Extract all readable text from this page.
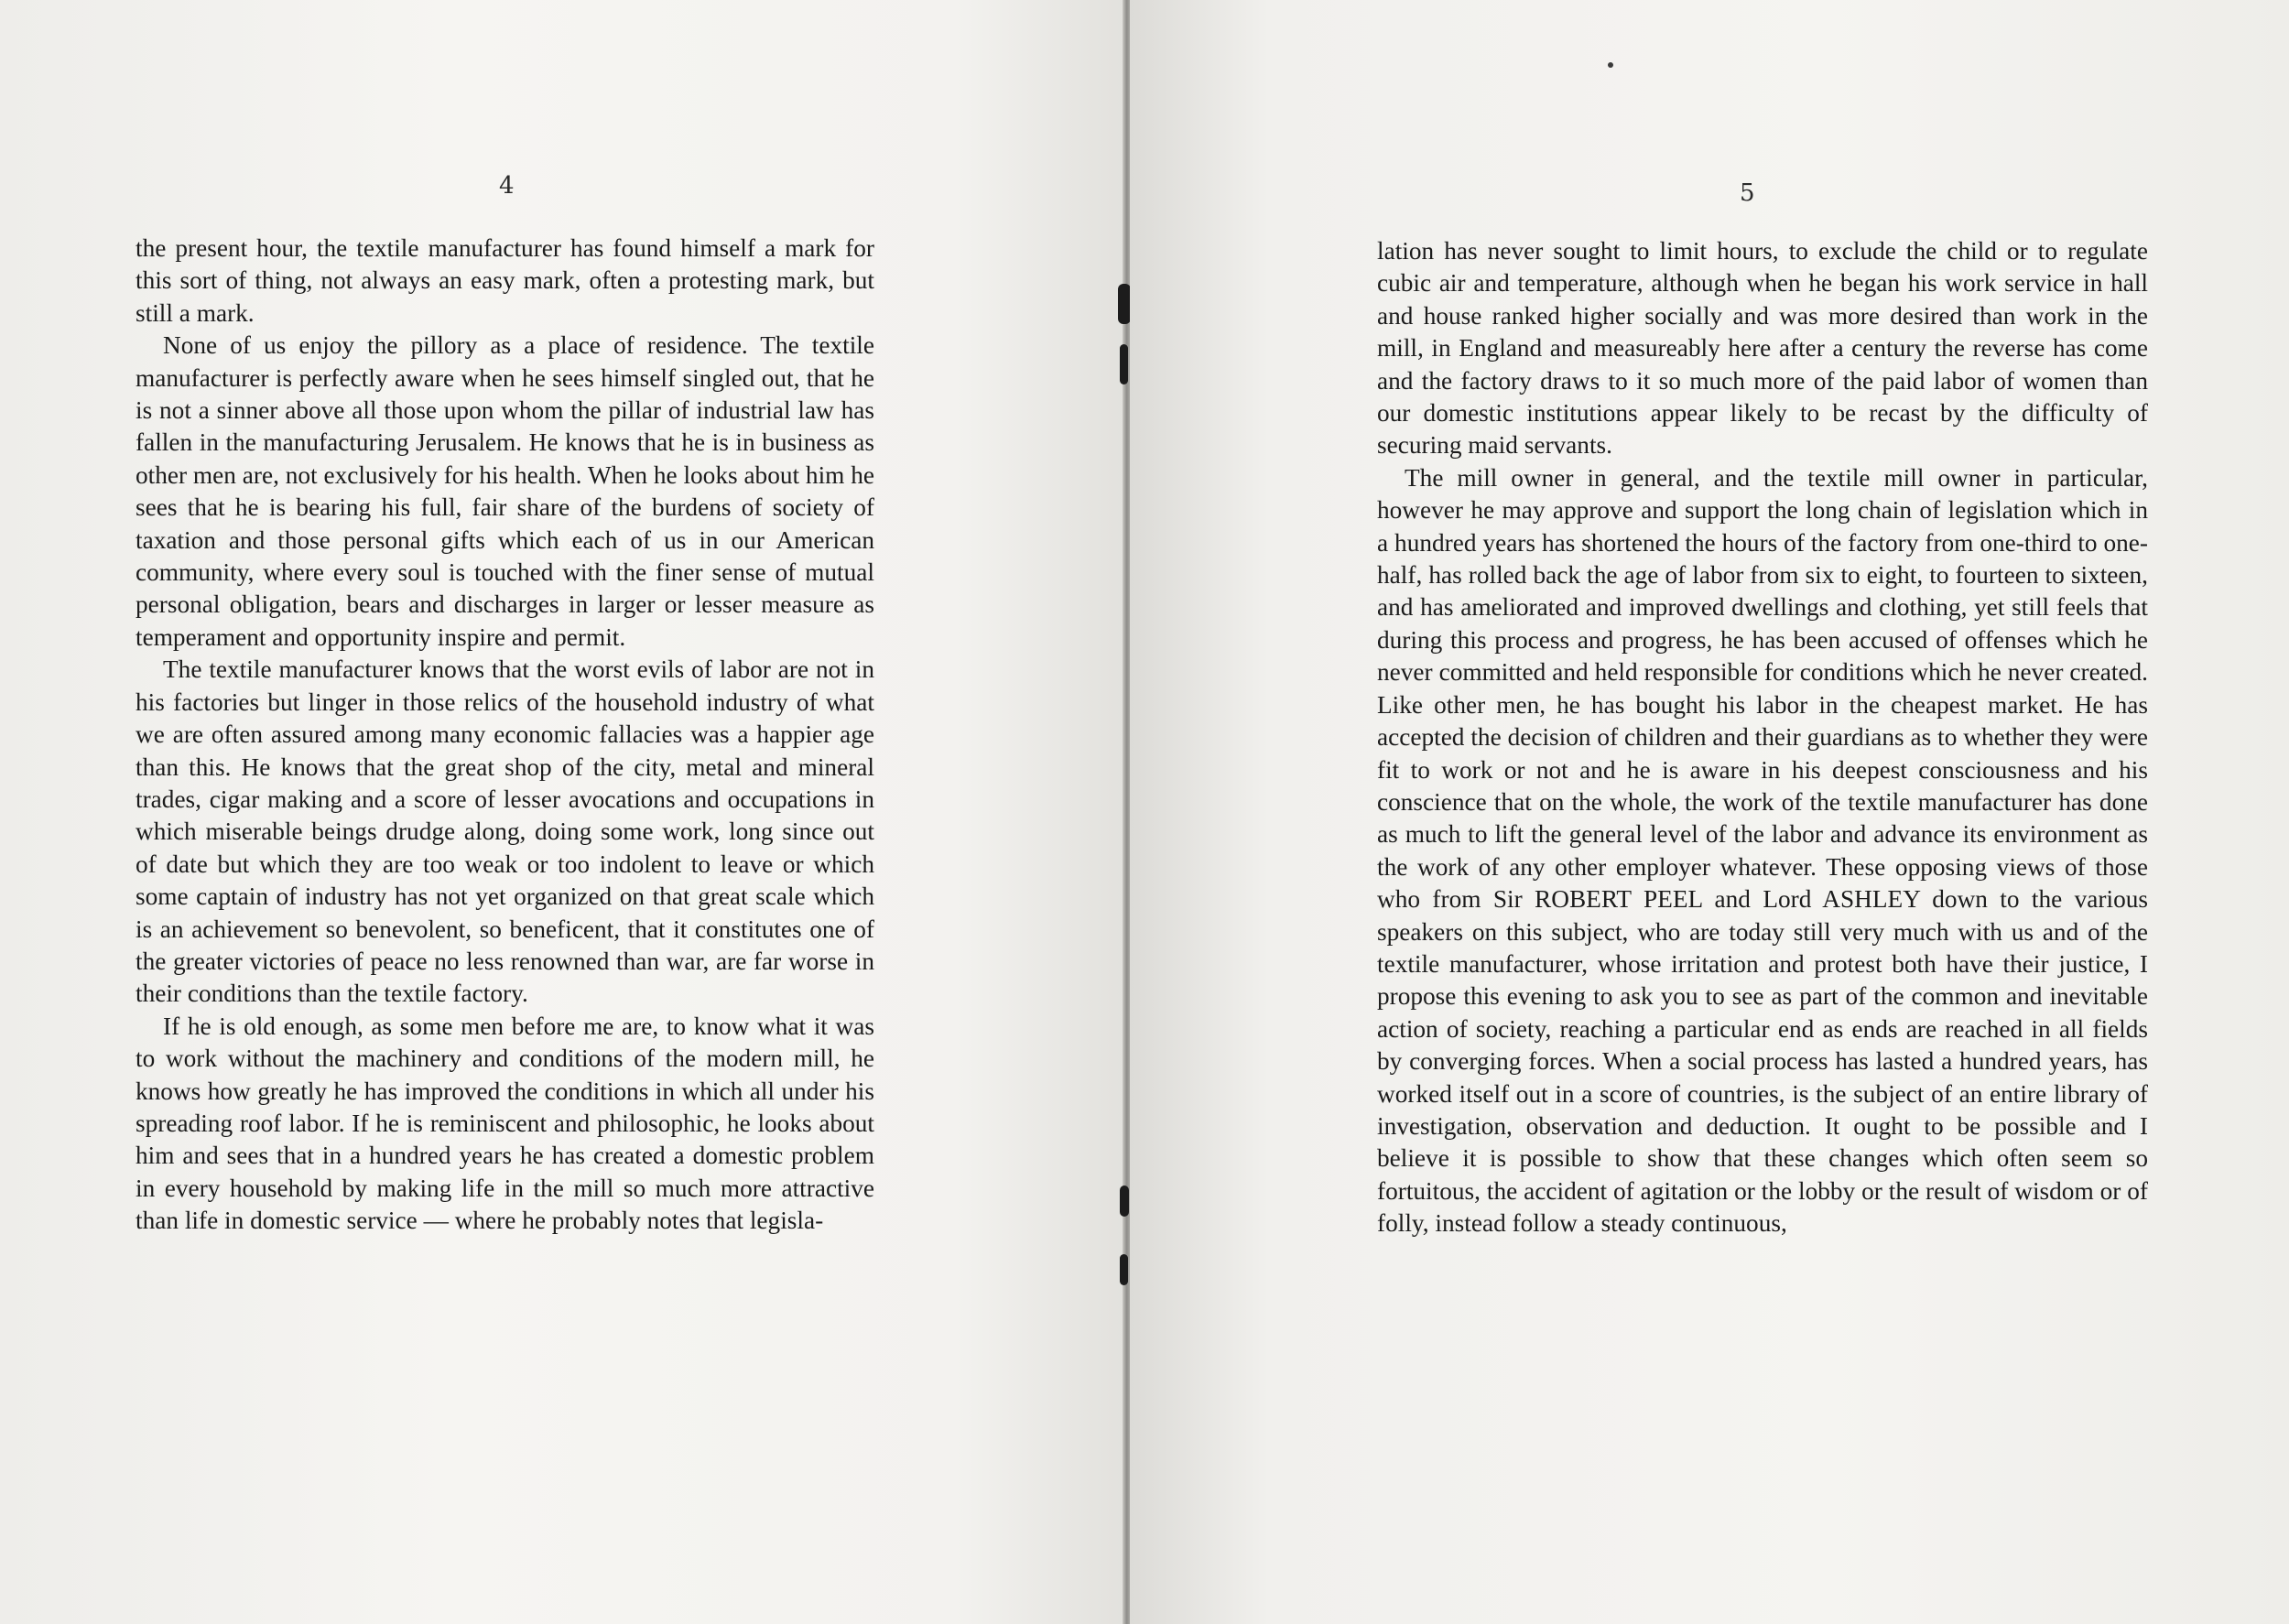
4

the present hour, the textile manufacturer has found himself a mark for this sort of thing, not always an easy mark, often a protesting mark, but still a mark.

None of us enjoy the pillory as a place of residence. The textile manufacturer is perfectly aware when he sees himself singled out, that he is not a sinner above all those upon whom the pillar of industrial law has fallen in the manufacturing Jerusalem. He knows that he is in business as other men are, not exclusively for his health. When he looks about him he sees that he is bearing his full, fair share of the burdens of society of taxation and those personal gifts which each of us in our American community, where every soul is touched with the finer sense of mutual personal obligation, bears and discharges in larger or lesser measure as temperament and opportunity inspire and permit.

The textile manufacturer knows that the worst evils of labor are not in his factories but linger in those relics of the household industry of what we are often assured among many economic fallacies was a happier age than this. He knows that the great shop of the city, metal and mineral trades, cigar making and a score of lesser avocations and occupations in which miserable beings drudge along, doing some work, long since out of date but which they are too weak or too indolent to leave or which some captain of industry has not yet organized on that great scale which is an achievement so benevolent, so beneficent, that it constitutes one of the greater victories of peace no less renowned than war, are far worse in their conditions than the textile factory.

If he is old enough, as some men before me are, to know what it was to work without the machinery and conditions of the modern mill, he knows how greatly he has improved the conditions in which all under his spreading roof labor. If he is reminiscent and philosophic, he looks about him and sees that in a hundred years he has created a domestic problem in every household by making life in the mill so much more attractive than life in domestic service — where he probably notes that legisla-

5

lation has never sought to limit hours, to exclude the child or to regulate cubic air and temperature, although when he began his work service in hall and house ranked higher socially and was more desired than work in the mill, in England and measureably here after a century the reverse has come and the factory draws to it so much more of the paid labor of women than our domestic institutions appear likely to be recast by the difficulty of securing maid servants.

The mill owner in general, and the textile mill owner in particular, however he may approve and support the long chain of legislation which in a hundred years has shortened the hours of the factory from one-third to one-half, has rolled back the age of labor from six to eight, to fourteen to sixteen, and has ameliorated and improved dwellings and clothing, yet still feels that during this process and progress, he has been accused of offenses which he never committed and held responsible for conditions which he never created. Like other men, he has bought his labor in the cheapest market. He has accepted the decision of children and their guardians as to whether they were fit to work or not and he is aware in his deepest consciousness and his conscience that on the whole, the work of the textile manufacturer has done as much to lift the general level of the labor and advance its environment as the work of any other employer whatever. These opposing views of those who from Sir ROBERT PEEL and Lord ASHLEY down to the various speakers on this subject, who are today still very much with us and of the textile manufacturer, whose irritation and protest both have their justice, I propose this evening to ask you to see as part of the common and inevitable action of society, reaching a particular end as ends are reached in all fields by converging forces. When a social process has lasted a hundred years, has worked itself out in a score of countries, is the subject of an entire library of investigation, observation and deduction. It ought to be possible and I believe it is possible to show that these changes which often seem so fortuitous, the accident of agitation or the lobby or the result of wisdom or of folly, instead follow a steady continuous,
